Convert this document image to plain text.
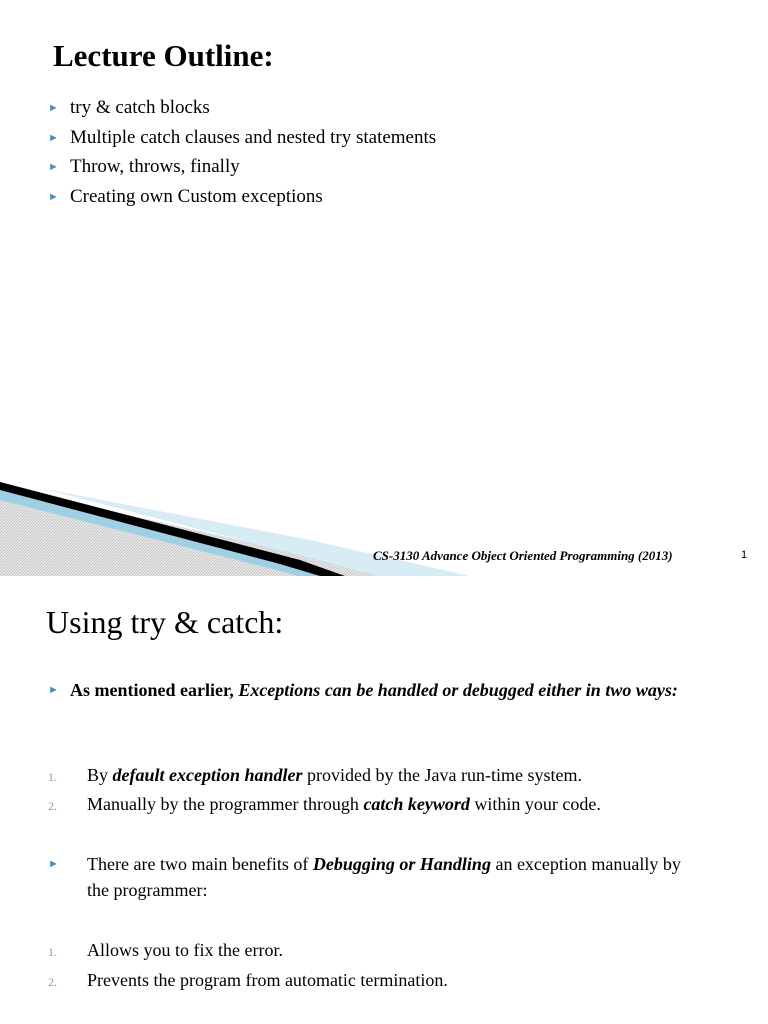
Lecture Outline:
► try & catch blocks
► Multiple catch clauses and nested try statements
► Throw, throws, finally
► Creating own Custom exceptions
CS-3130 Advance Object Oriented Programming (2013)	1
Using try & catch:
► As mentioned earlier, Exceptions can be handled or debugged either in two ways:
1. By default exception handler provided by the Java run-time system.
2. Manually by the programmer through catch keyword within your code.
►	There are two main benefits of Debugging or Handling an exception manually by the programmer:
1. Allows you to fix the error.
2. Prevents the program from automatic termination.
